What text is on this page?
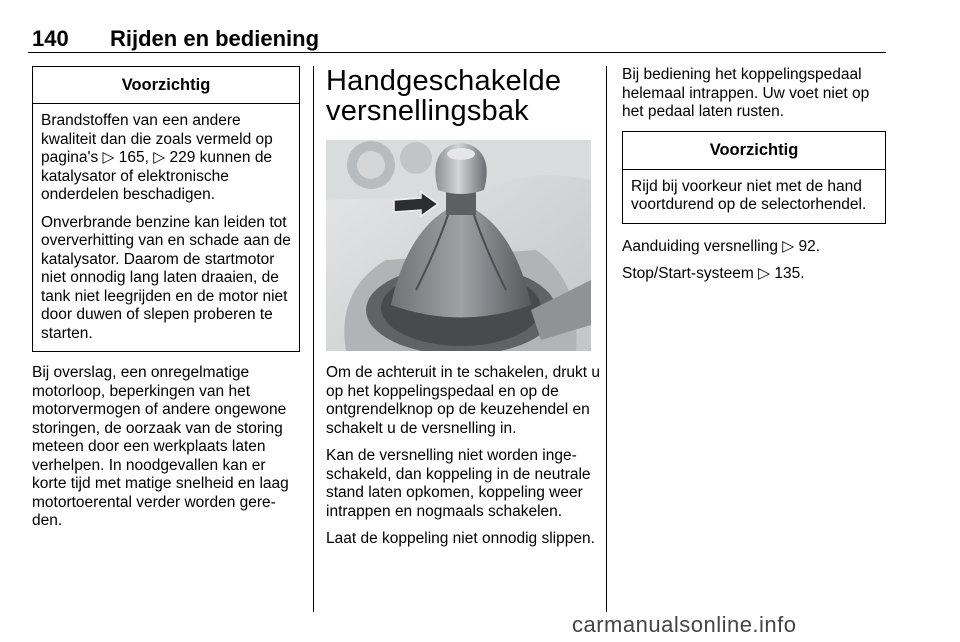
140 Rijden en bediening
Voorzichtig

Brandstoffen van een andere kwaliteit dan die zoals vermeld op pagina's ▷ 165, ▷ 229 kunnen de katalysator of elektronische onderdelen beschadigen.

Onverbrande benzine kan leiden tot oververhitting van en schade aan de katalysator. Daarom de startmotor niet onnodig lang laten draaien, de tank niet leegrijden en de motor niet door duwen of slepen proberen te starten.

Bij overslag, een onregelmatige motorloop, beperkingen van het motorvermogen of andere ongewone storingen, de oorzaak van de storing meteen door een werkplaats laten verhelpen. In noodgevallen kan er korte tijd met matige snelheid en laag motortoerental verder worden gereden.

Handgeschakelde versnellingsbak

Om de achteruit in te schakelen, drukt u op het koppelingspedaal en op de ontgrendelknop op de keuzehendel en schakelt u de versnelling in.

Kan de versnelling niet worden ingeschakeld, dan koppeling in de neutrale stand laten opkomen, koppeling weer intrappen en nogmaals schakelen.

Laat de koppeling niet onnodig slippen.

Bij bediening het koppelingspedaal helemaal intrappen. Uw voet niet op het pedaal laten rusten.

Voorzichtig

Rijd bij voorkeur niet met de hand voortdurend op de selectorhendel.

Aanduiding versnelling ▷ 92.

Stop/Start-systeem ▷ 135.

carmanualsonline.info
